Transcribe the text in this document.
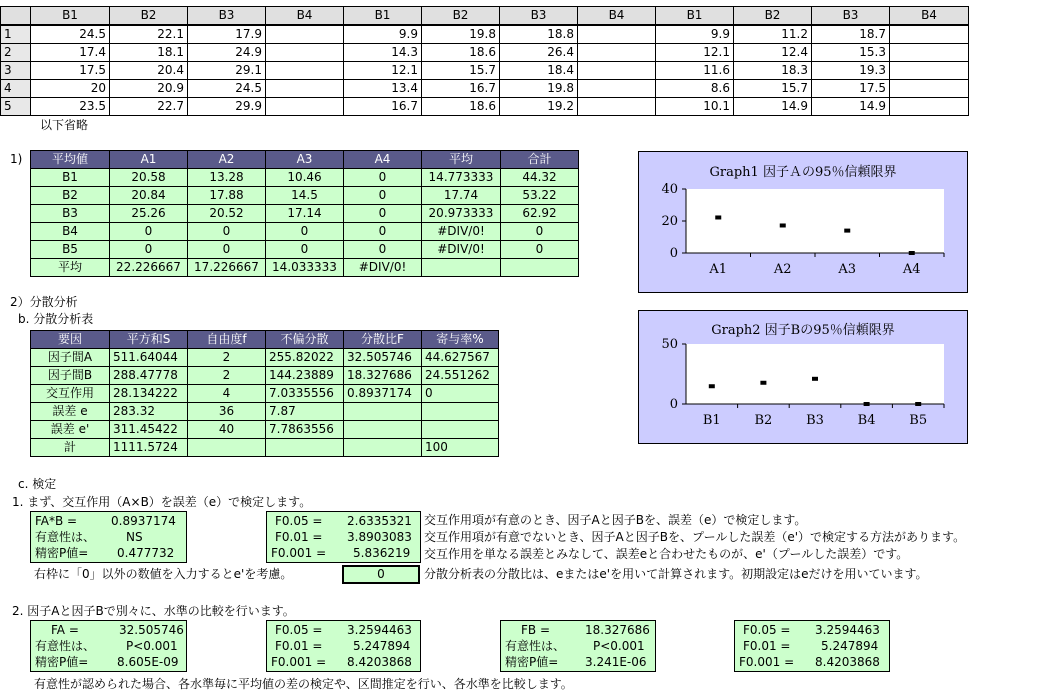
	B1	B2	B3	B4	B1	B2	B3	B4	B1	B2	B3	B4
1	24.5	22.1	17.9		9.9	19.8	18.8		9.9	11.2	18.7	
2	17.4	18.1	24.9		14.3	18.6	26.4		12.1	12.4	15.3	
3	17.5	20.4	29.1		12.1	15.7	18.4		11.6	18.3	19.3	
4	20	20.9	24.5		13.4	16.7	19.8		8.6	15.7	17.5	
5	23.5	22.7	29.9		16.7	18.6	19.2		10.1	14.9	14.9	
以下省略
1) 平均値	A1	A2	A3	A4	平均	合計
B1	20.58	13.28	10.46	0	14.773333	44.32
B2	20.84	17.88	14.5	0	17.74	53.22
B3	25.26	20.52	17.14	0	20.973333	62.92
B4	0	0	0	0	#DIV/0!	0
B5	0	0	0	0	#DIV/0!	0
平均	22.226667	17.226667	14.033333	#DIV/0!		
2）分散分析
b. 分散分析表
要因	平方和S	自由度f	不偏分散	分散比F	寄与率%
因子間A	511.64044	2	255.82022	32.505746	44.627567
因子間B	288.47778	2	144.23889	18.327686	24.551262
交互作用	28.134222	4	7.0335556	0.8937174	0
誤差 e	283.32	36	7.87		
誤差 e'	311.45422	40	7.7863556		
計	1111.5724				100
Graph1 因子Ａの95％信頼限界
0
20
40
A1	A2	A3	A4
Graph2 因子Bの95％信頼限界
0
50
B1	B2	B3	B4	B5
c. 検定
1. まず、交互作用（A×B）を誤差（e）で検定します。
FA*B =	0.8937174
有意性は、	NS
精密P値= 0.477732
F0.05 = 2.6335321
F0.01 = 3.8903083
F0.001 = 5.836219
交互作用項が有意のとき、因子Aと因子Bを、誤差（e）で検定します。
交互作用項が有意でないとき、因子Aと因子Bを、プールした誤差（e'）で検定する方法があります。
交互作用を単なる誤差とみなして、誤差eと合わせたものが、e'（プールした誤差）です。
右枠に「0」以外の数値を入力するとe'を考慮。	0	分散分析表の分散比は、eまたはe'を用いて計算されます。初期設定はeだけを用いています。
2. 因子Aと因子Bで別々に、水準の比較を行います。
FA =	32.505746
有意性は、	P<0.001
精密P値= 8.605E-09
F0.05 = 3.2594463
F0.01 =	5.247894
F0.001 = 8.4203868
FB =	18.327686
有意性は、 P<0.001
精密P値= 3.241E-06
F0.05 = 3.2594463
F0.01 =	5.247894
F0.001 = 8.4203868
有意性が認められた場合、各水準毎に平均値の差の検定や、区間推定を行い、各水準を比較します。
